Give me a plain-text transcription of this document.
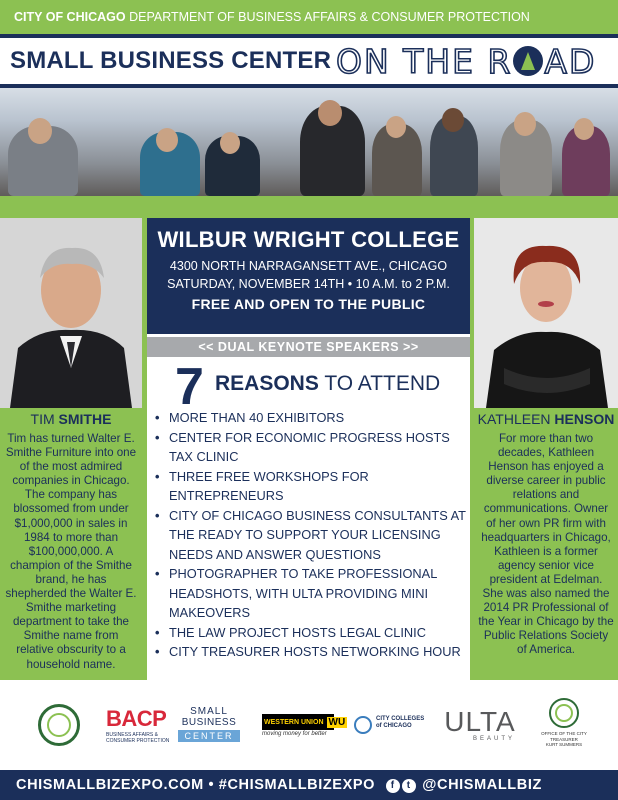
CITY OF CHICAGO DEPARTMENT OF BUSINESS AFFAIRS & CONSUMER PROTECTION
SMALL BUSINESS CENTER ON THE R AD
WILBUR WRIGHT COLLEGE
4300 NORTH NARRAGANSETT AVE., CHICAGO
SATURDAY, NOVEMBER 14TH • 10 A.M. to 2 P.M.
FREE AND OPEN TO THE PUBLIC
<< DUAL KEYNOTE SPEAKERS >>
7 REASONS TO ATTEND
• MORE THAN 40 EXHIBITORS
• CENTER FOR ECONOMIC PROGRESS HOSTS TAX CLINIC
• THREE FREE WORKSHOPS FOR ENTREPRENEURS
• CITY OF CHICAGO BUSINESS CONSULTANTS AT THE READY TO SUPPORT YOUR LICENSING NEEDS AND ANSWER QUESTIONS
• PHOTOGRAPHER TO TAKE PROFESSIONAL HEADSHOTS, WITH ULTA PROVIDING MINI MAKEOVERS
• THE LAW PROJECT HOSTS LEGAL CLINIC
• CITY TREASURER HOSTS NETWORKING HOUR
TIM SMITHE
Tim has turned Walter E. Smithe Furniture into one of the most admired companies in Chicago. The company has blossomed from under $1,000,000 in sales in 1984 to more than $100,000,000. A champion of the Smithe brand, he has shepherded the Walter E. Smithe marketing department to take the Smithe name from relative obscurity to a household name.
KATHLEEN HENSON
For more than two decades, Kathleen Henson has enjoyed a diverse career in public relations and communications. Owner of her own PR firm with headquarters in Chicago, Kathleen is a former agency senior vice president at Edelman. She was also named the 2014 PR Professional of the Year in Chicago by the Public Relations Society of America.
BACP
BUSINESS AFFAIRS & CONSUMER PROTECTION
SMALL
BUSINESS
CENTER
WESTERN UNION WU
moving money for better
CITY COLLEGES of CHICAGO	ULTA
BEAUTY
OFFICE OF THE CITY TREASURER
KURT SUMMERS
CHISMALLBIZEXPO.COM • #CHISMALLBIZEXPO f t @CHISMALLBIZ
